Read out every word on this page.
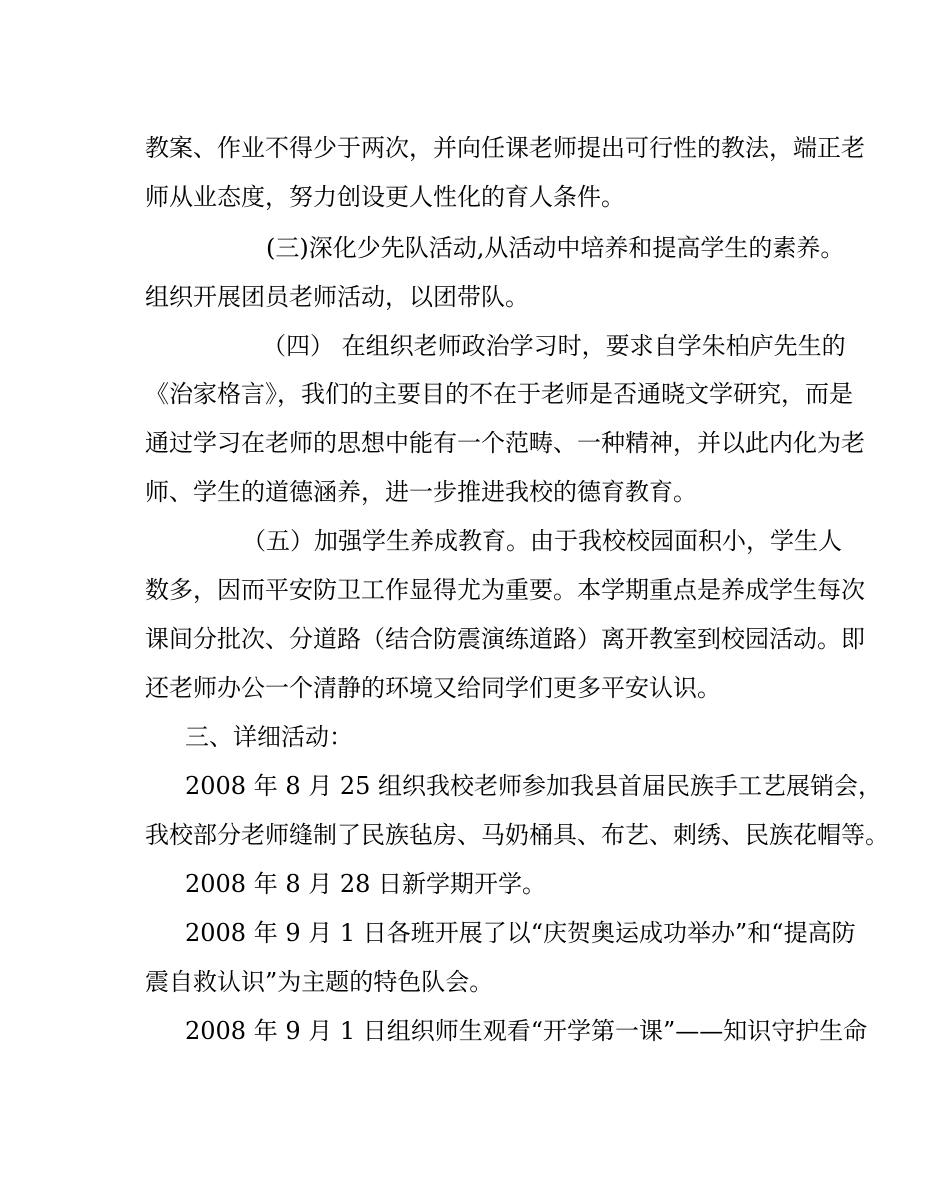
教案、作业不得少于两次，并向任课老师提出可行性的教法，端正老
师从业态度，努力创设更人性化的育人条件。
(三)深化少先队活动,从活动中培养和提高学生的素养。
组织开展团员老师活动，以团带队。
（四） 在组织老师政治学习时，要求自学朱柏庐先生的
《治家格言》，我们的主要目的不在于老师是否通晓文学研究，而是
通过学习在老师的思想中能有一个范畴、一种精神，并以此内化为老
师、学生的道德涵养，进一步推进我校的德育教育。
（五）加强学生养成教育。由于我校校园面积小，学生人
数多，因而平安防卫工作显得尤为重要。本学期重点是养成学生每次
课间分批次、分道路（结合防震演练道路）离开教室到校园活动。即
还老师办公一个清静的环境又给同学们更多平安认识。
三、详细活动：
2008 年 8 月 25 组织我校老师参加我县首届民族手工艺展销会，
我校部分老师缝制了民族毡房、马奶桶具、布艺、刺绣、民族花帽等。
2008 年 8 月 28 日新学期开学。
2008 年 9 月 1 日各班开展了以“庆贺奥运成功举办”和“提高防
震自救认识”为主题的特色队会。
2008 年 9 月 1 日组织师生观看“开学第一课”——知识守护生命
